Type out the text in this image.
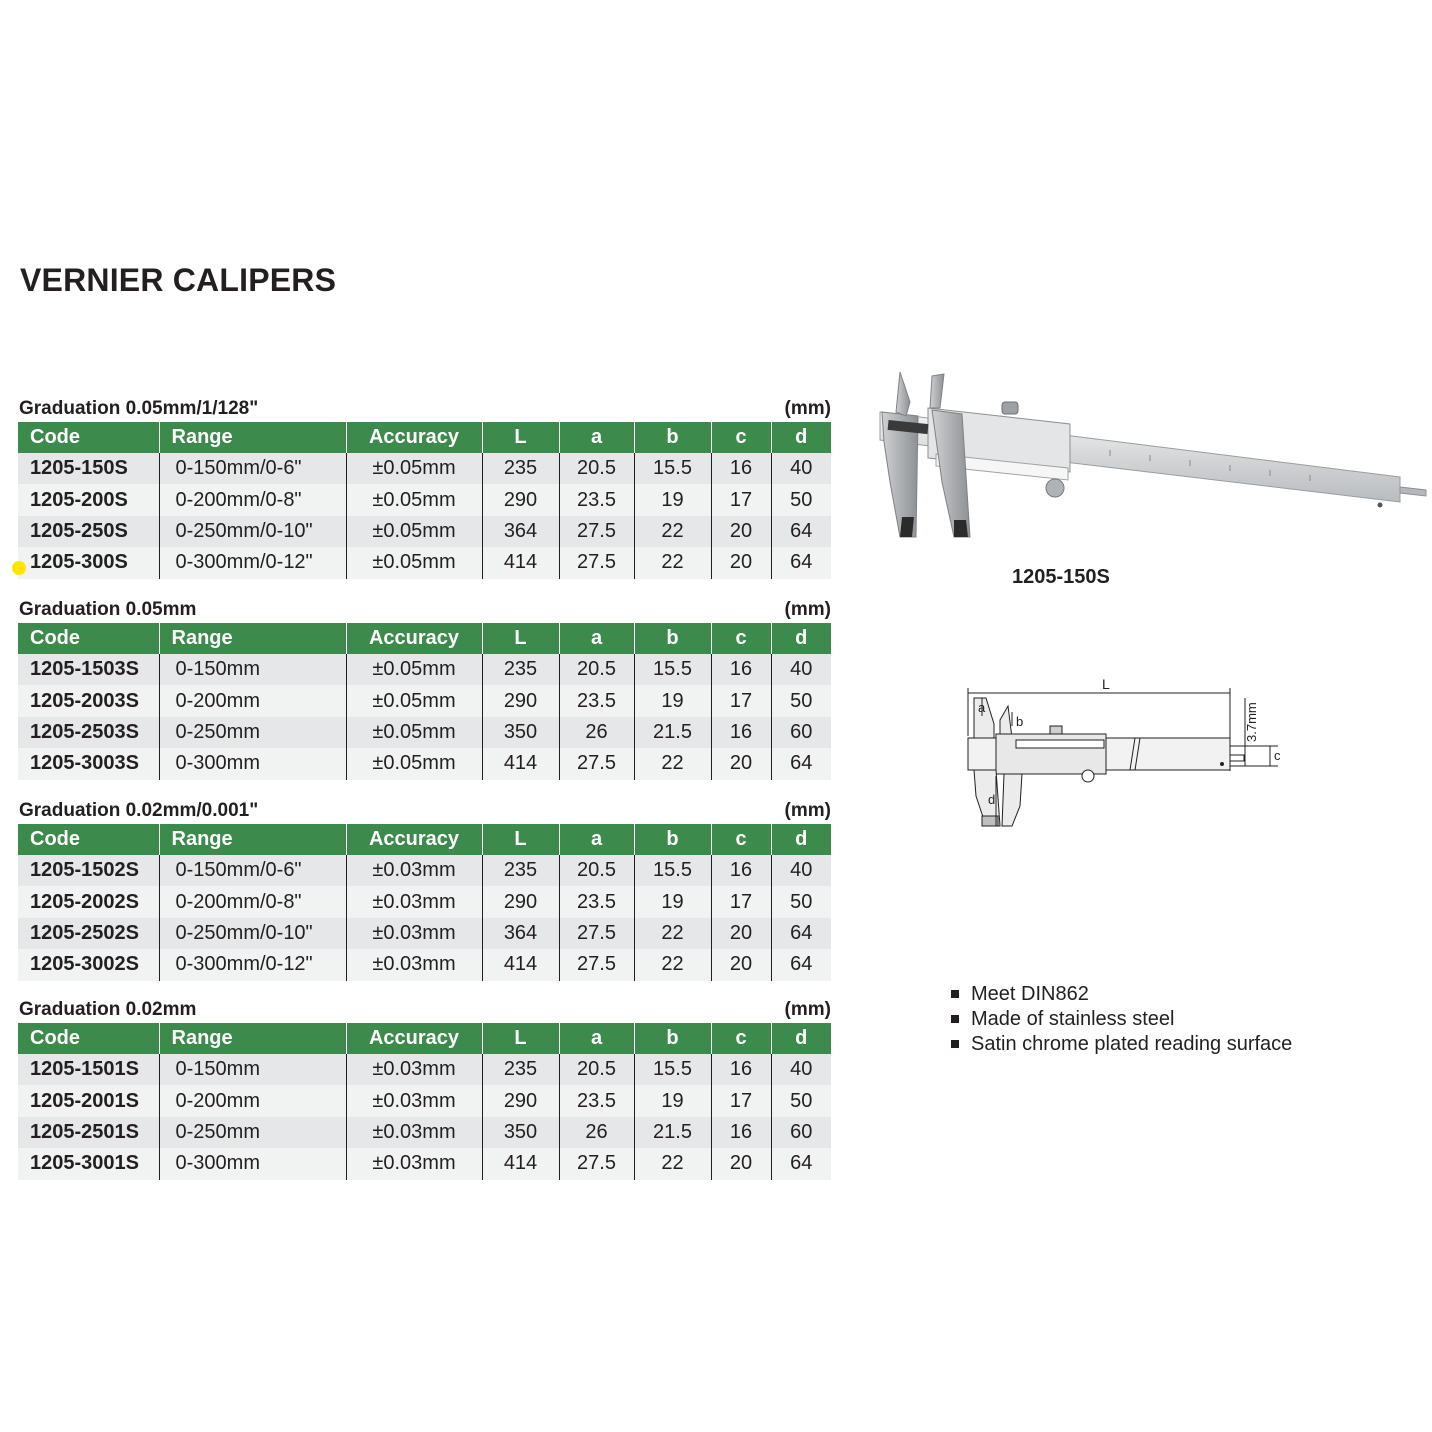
VERNIER CALIPERS
Graduation 0.05mm/1/128"	(mm)
Code	Range	Accuracy	L	a	b	c	d
1205-150S	0-150mm/0-6"	±0.05mm	235	20.5	15.5	16	40
1205-200S	0-200mm/0-8"	±0.05mm	290	23.5	19	17	50
1205-250S	0-250mm/0-10"	±0.05mm	364	27.5	22	20	64
1205-300S	0-300mm/0-12"	±0.05mm	414	27.5	22	20	64
Graduation 0.05mm	(mm)
Code	Range	Accuracy	L	a	b	c	d
1205-1503S	0-150mm	±0.05mm	235	20.5	15.5	16	40
1205-2003S	0-200mm	±0.05mm	290	23.5	19	17	50
1205-2503S	0-250mm	±0.05mm	350	26	21.5	16	60
1205-3003S	0-300mm	±0.05mm	414	27.5	22	20	64
Graduation 0.02mm/0.001"	(mm)
Code	Range	Accuracy	L	a	b	c	d
1205-1502S	0-150mm/0-6"	±0.03mm	235	20.5	15.5	16	40
1205-2002S	0-200mm/0-8"	±0.03mm	290	23.5	19	17	50
1205-2502S	0-250mm/0-10"	±0.03mm	364	27.5	22	20	64
1205-3002S	0-300mm/0-12"	±0.03mm	414	27.5	22	20	64
Graduation 0.02mm	(mm)
Code	Range	Accuracy	L	a	b	c	d
1205-1501S	0-150mm	±0.03mm	235	20.5	15.5	16	40
1205-2001S	0-200mm	±0.03mm	290	23.5	19	17	50
1205-2501S	0-250mm	±0.03mm	350	26	21.5	16	60
1205-3001S	0-300mm	±0.03mm	414	27.5	22	20	64
1205-150S
L
a
b
c
d
3.7mm
Meet DIN862
Made of stainless steel
Satin chrome plated reading surface
